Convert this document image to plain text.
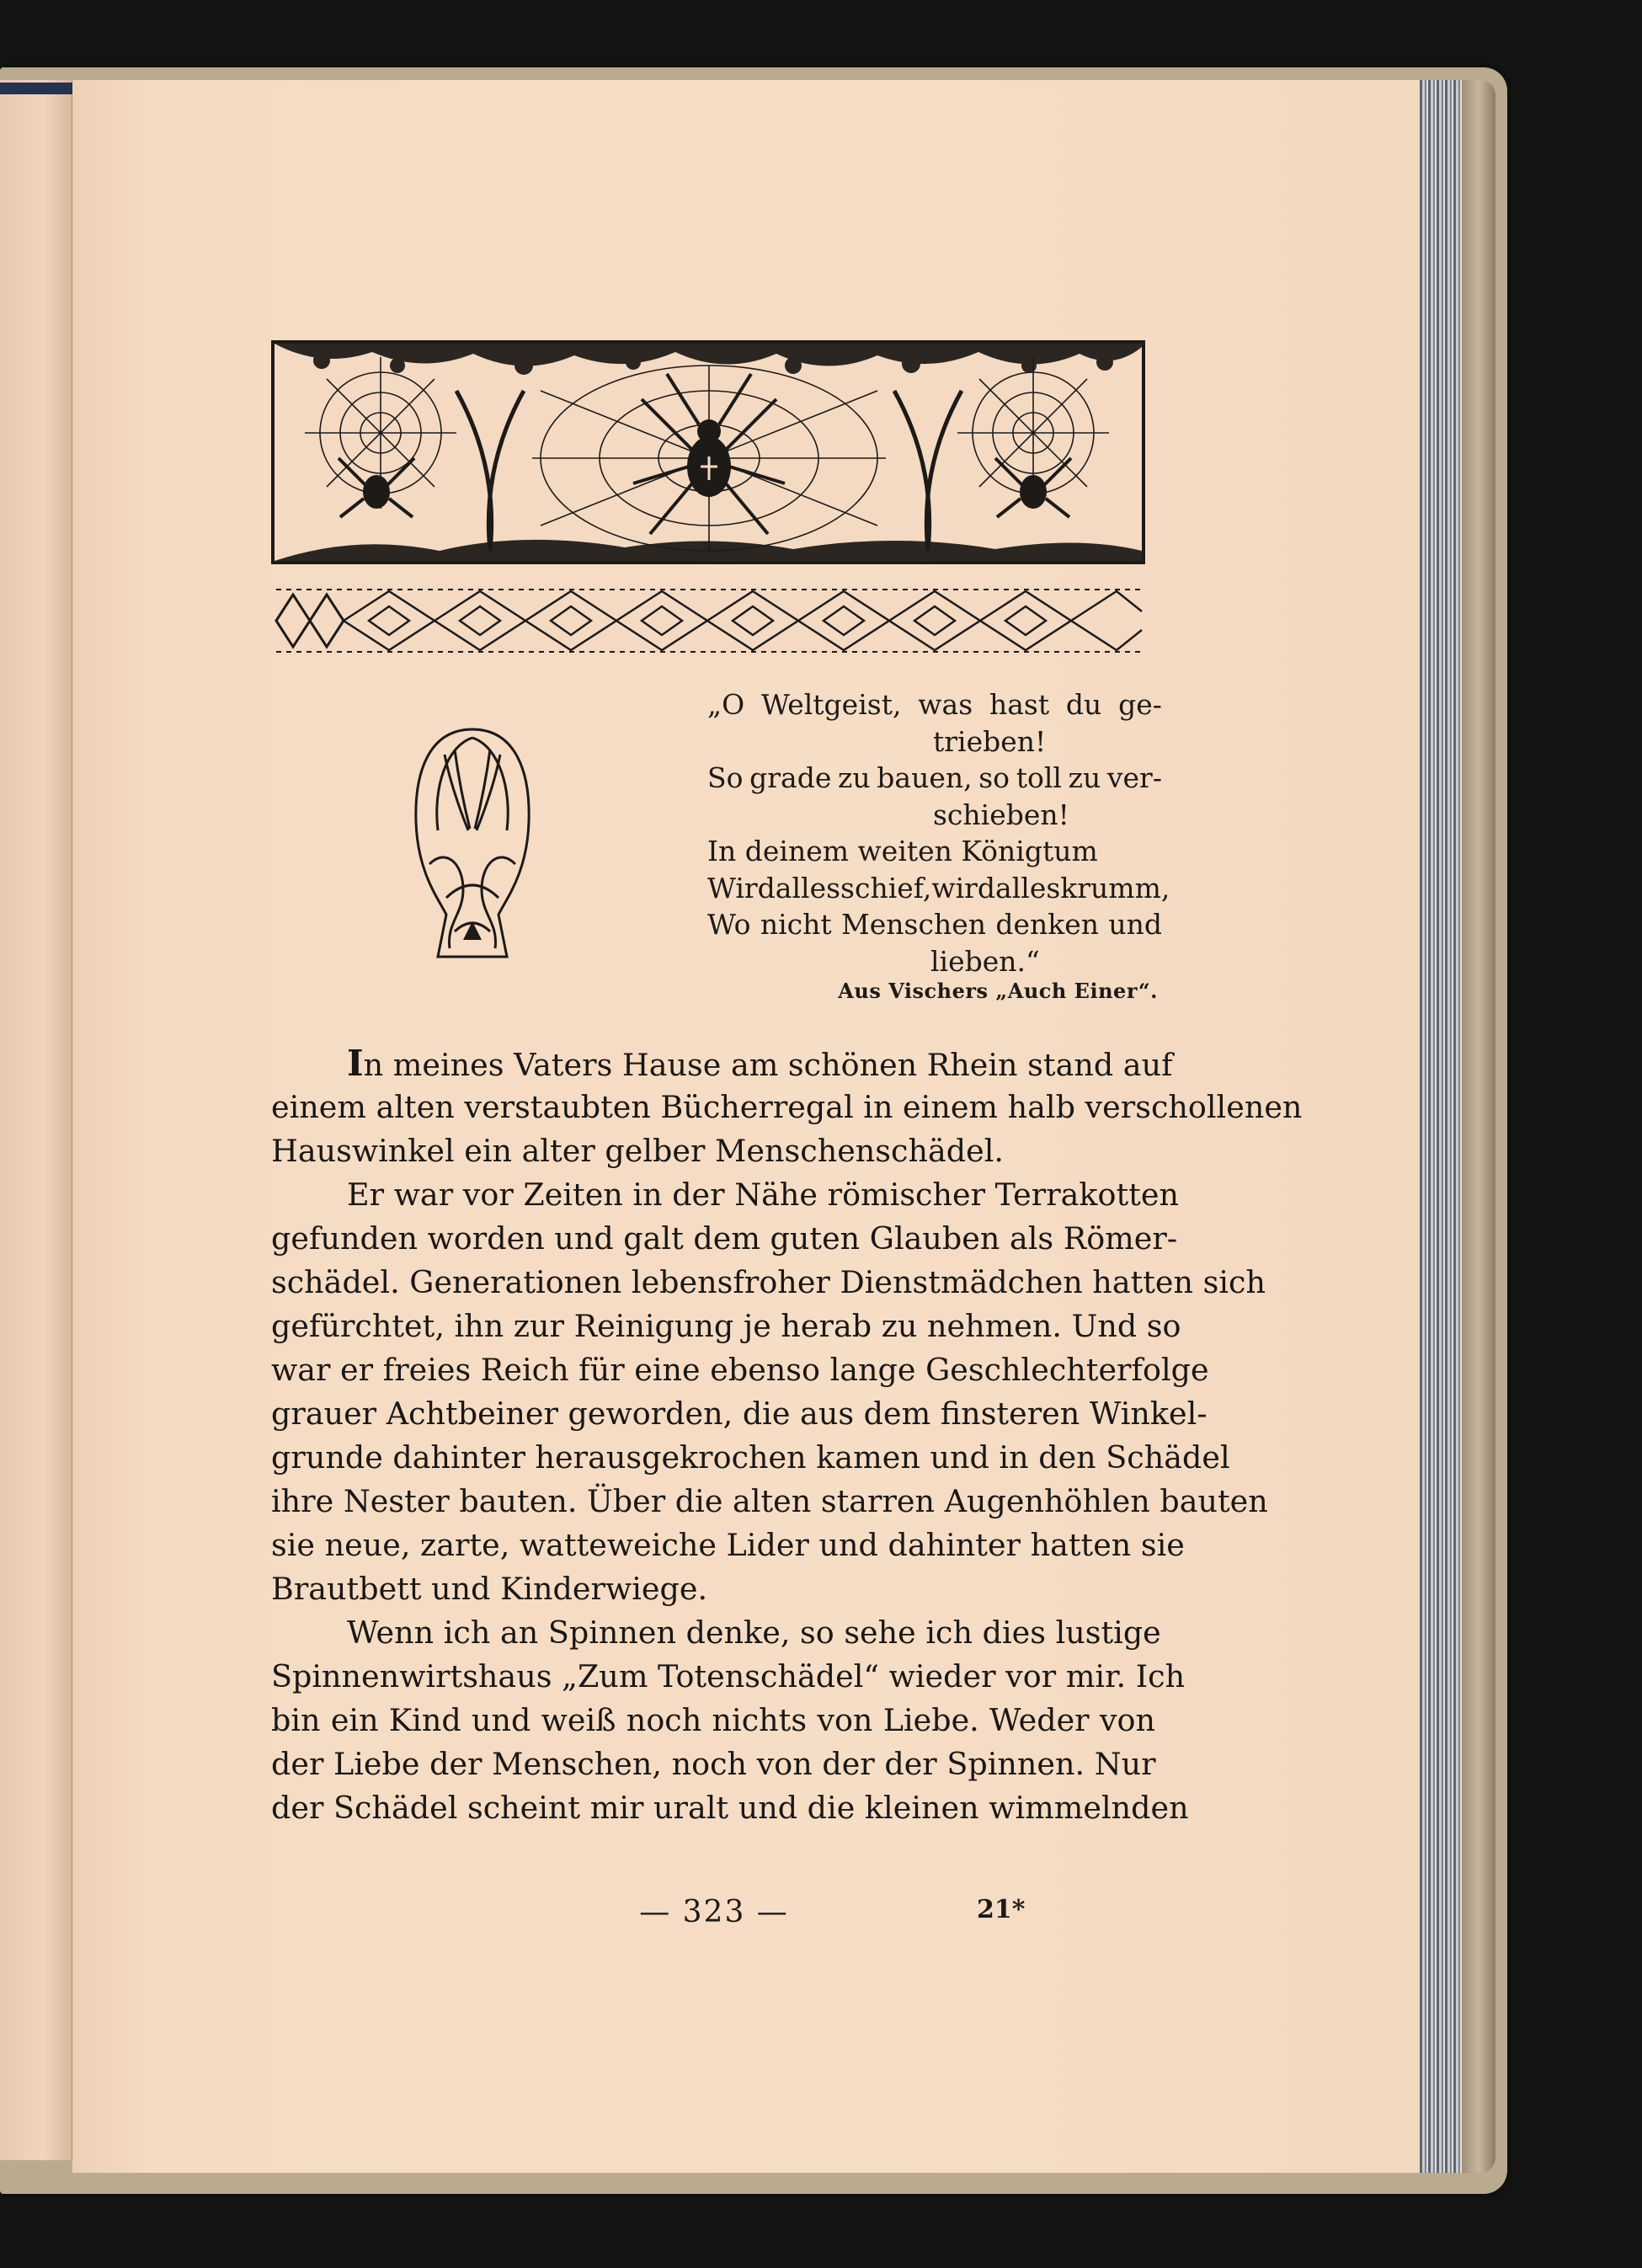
„O Weltgeist, was hast du ge-
trieben!
So grade zu bauen, so toll zu ver-
schieben!
In deinem weiten Königtum
Wird alles schief, wird alles krumm,
Wo nicht Menschen denken und
lieben.“
Aus Vischers „Auch Einer“.
In meines Vaters Hause am schönen Rhein stand auf
einem alten verstaubten Bücherregal in einem halb verschollenen
Hauswinkel ein alter gelber Menschenschädel.
Er war vor Zeiten in der Nähe römischer Terrakotten
gefunden worden und galt dem guten Glauben als Römer-
schädel. Generationen lebensfroher Dienstmädchen hatten sich
gefürchtet, ihn zur Reinigung je herab zu nehmen. Und so
war er freies Reich für eine ebenso lange Geschlechterfolge
grauer Achtbeiner geworden, die aus dem finsteren Winkel-
grunde dahinter herausgekrochen kamen und in den Schädel
ihre Nester bauten. Über die alten starren Augenhöhlen bauten
sie neue, zarte, watteweiche Lider und dahinter hatten sie
Brautbett und Kinderwiege.
Wenn ich an Spinnen denke, so sehe ich dies lustige
Spinnenwirtshaus „Zum Totenschädel“ wieder vor mir. Ich
bin ein Kind und weiß noch nichts von Liebe. Weder von
der Liebe der Menschen, noch von der der Spinnen. Nur
der Schädel scheint mir uralt und die kleinen wimmelnden
— 323 —	21*
